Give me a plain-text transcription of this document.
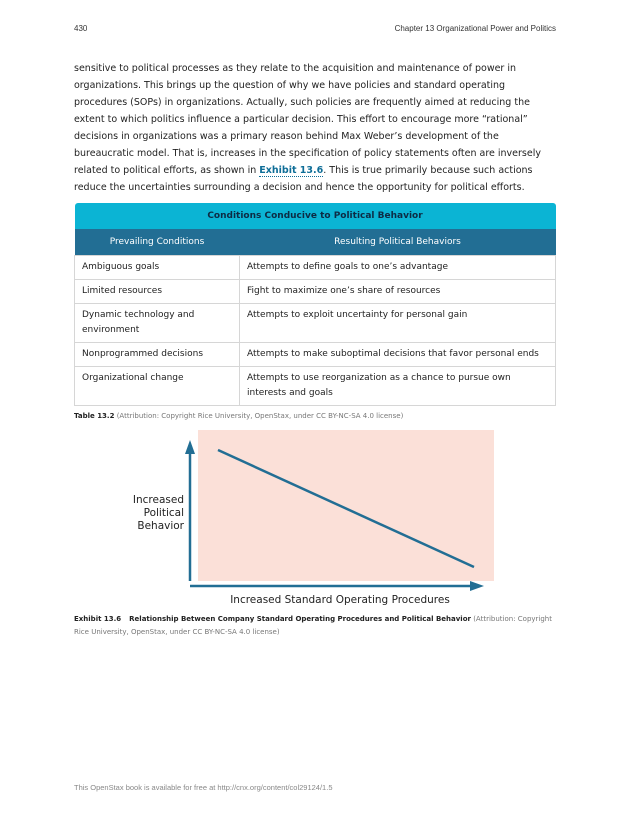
430	Chapter 13 Organizational Power and Politics
sensitive to political processes as they relate to the acquisition and maintenance of power in organizations. This brings up the question of why we have policies and standard operating procedures (SOPs) in organizations. Actually, such policies are frequently aimed at reducing the extent to which politics influence a particular decision. This effort to encourage more “rational” decisions in organizations was a primary reason behind Max Weber’s development of the bureaucratic model. That is, increases in the specification of policy statements often are inversely related to political efforts, as shown in Exhibit 13.6. This is true primarily because such actions reduce the uncertainties surrounding a decision and hence the opportunity for political efforts.
Conditions Conducive to Political Behavior	
Prevailing Conditions	Resulting Political Behaviors
Ambiguous goals	Attempts to define goals to one’s advantage
Limited resources	Fight to maximize one’s share of resources
Dynamic technology and environment	Attempts to exploit uncertainty for personal gain
Nonprogrammed decisions	Attempts to make suboptimal decisions that favor personal ends
Organizational change	Attempts to use reorganization as a chance to pursue own interests and goals
Table 13.2 (Attribution: Copyright Rice University, OpenStax, under CC BY-NC-SA 4.0 license)
Increased
Political
Behavior
Increased Standard Operating Procedures
Exhibit 13.6 Relationship Between Company Standard Operating Procedures and Political Behavior (Attribution: Copyright Rice University, OpenStax, under CC BY-NC-SA 4.0 license)
This OpenStax book is available for free at http://cnx.org/content/col29124/1.5
